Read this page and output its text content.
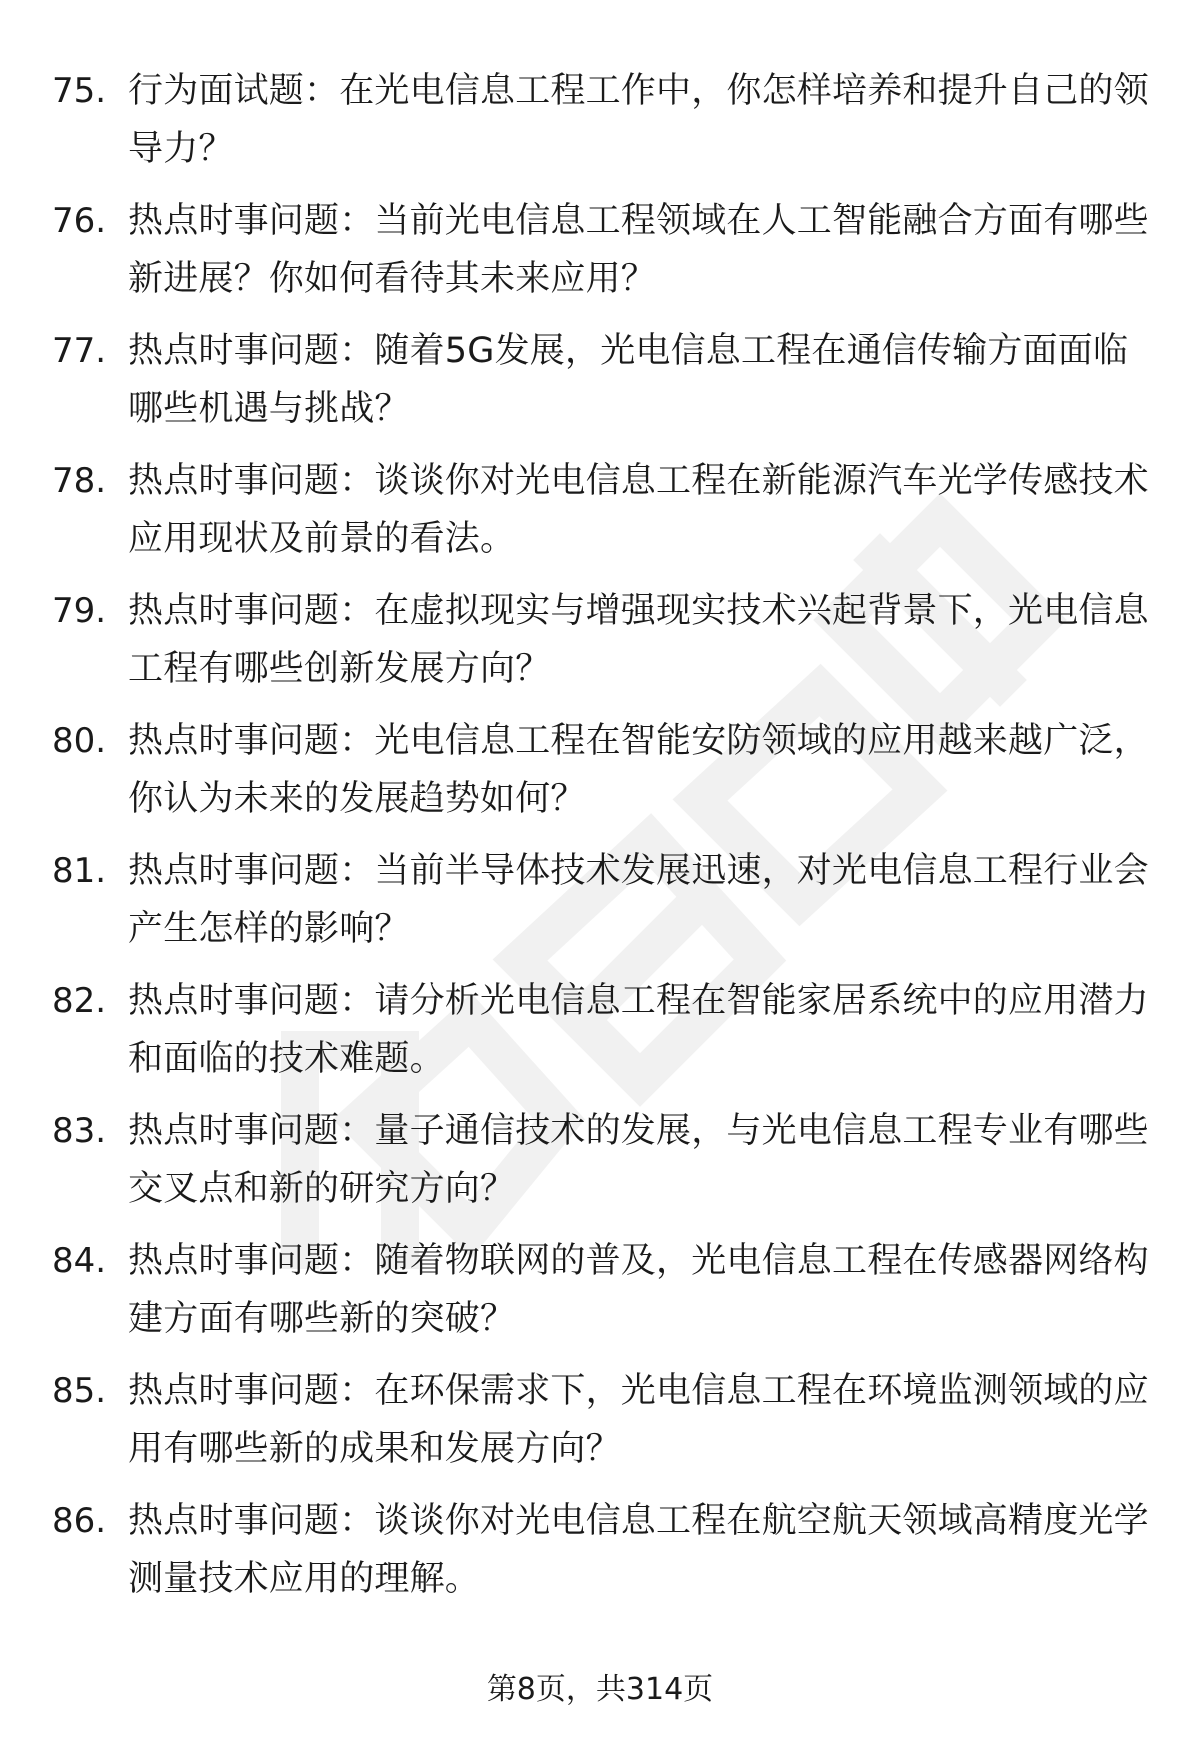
75. 行为面试题：在光电信息工程工作中，你怎样培养和提升自己的领导力？
76. 热点时事问题：当前光电信息工程领域在人工智能融合方面有哪些新进展？你如何看待其未来应用？
77. 热点时事问题：随着5G发展，光电信息工程在通信传输方面面临哪些机遇与挑战？
78. 热点时事问题：谈谈你对光电信息工程在新能源汽车光学传感技术应用现状及前景的看法。
79. 热点时事问题：在虚拟现实与增强现实技术兴起背景下，光电信息工程有哪些创新发展方向？
80. 热点时事问题：光电信息工程在智能安防领域的应用越来越广泛，你认为未来的发展趋势如何？
81. 热点时事问题：当前半导体技术发展迅速，对光电信息工程行业会产生怎样的影响？
82. 热点时事问题：请分析光电信息工程在智能家居系统中的应用潜力和面临的技术难题。
83. 热点时事问题：量子通信技术的发展，与光电信息工程专业有哪些交叉点和新的研究方向？
84. 热点时事问题：随着物联网的普及，光电信息工程在传感器网络构建方面有哪些新的突破？
85. 热点时事问题：在环保需求下，光电信息工程在环境监测领域的应用有哪些新的成果和发展方向？
86. 热点时事问题：谈谈你对光电信息工程在航空航天领域高精度光学测量技术应用的理解。
第8页，共314页
